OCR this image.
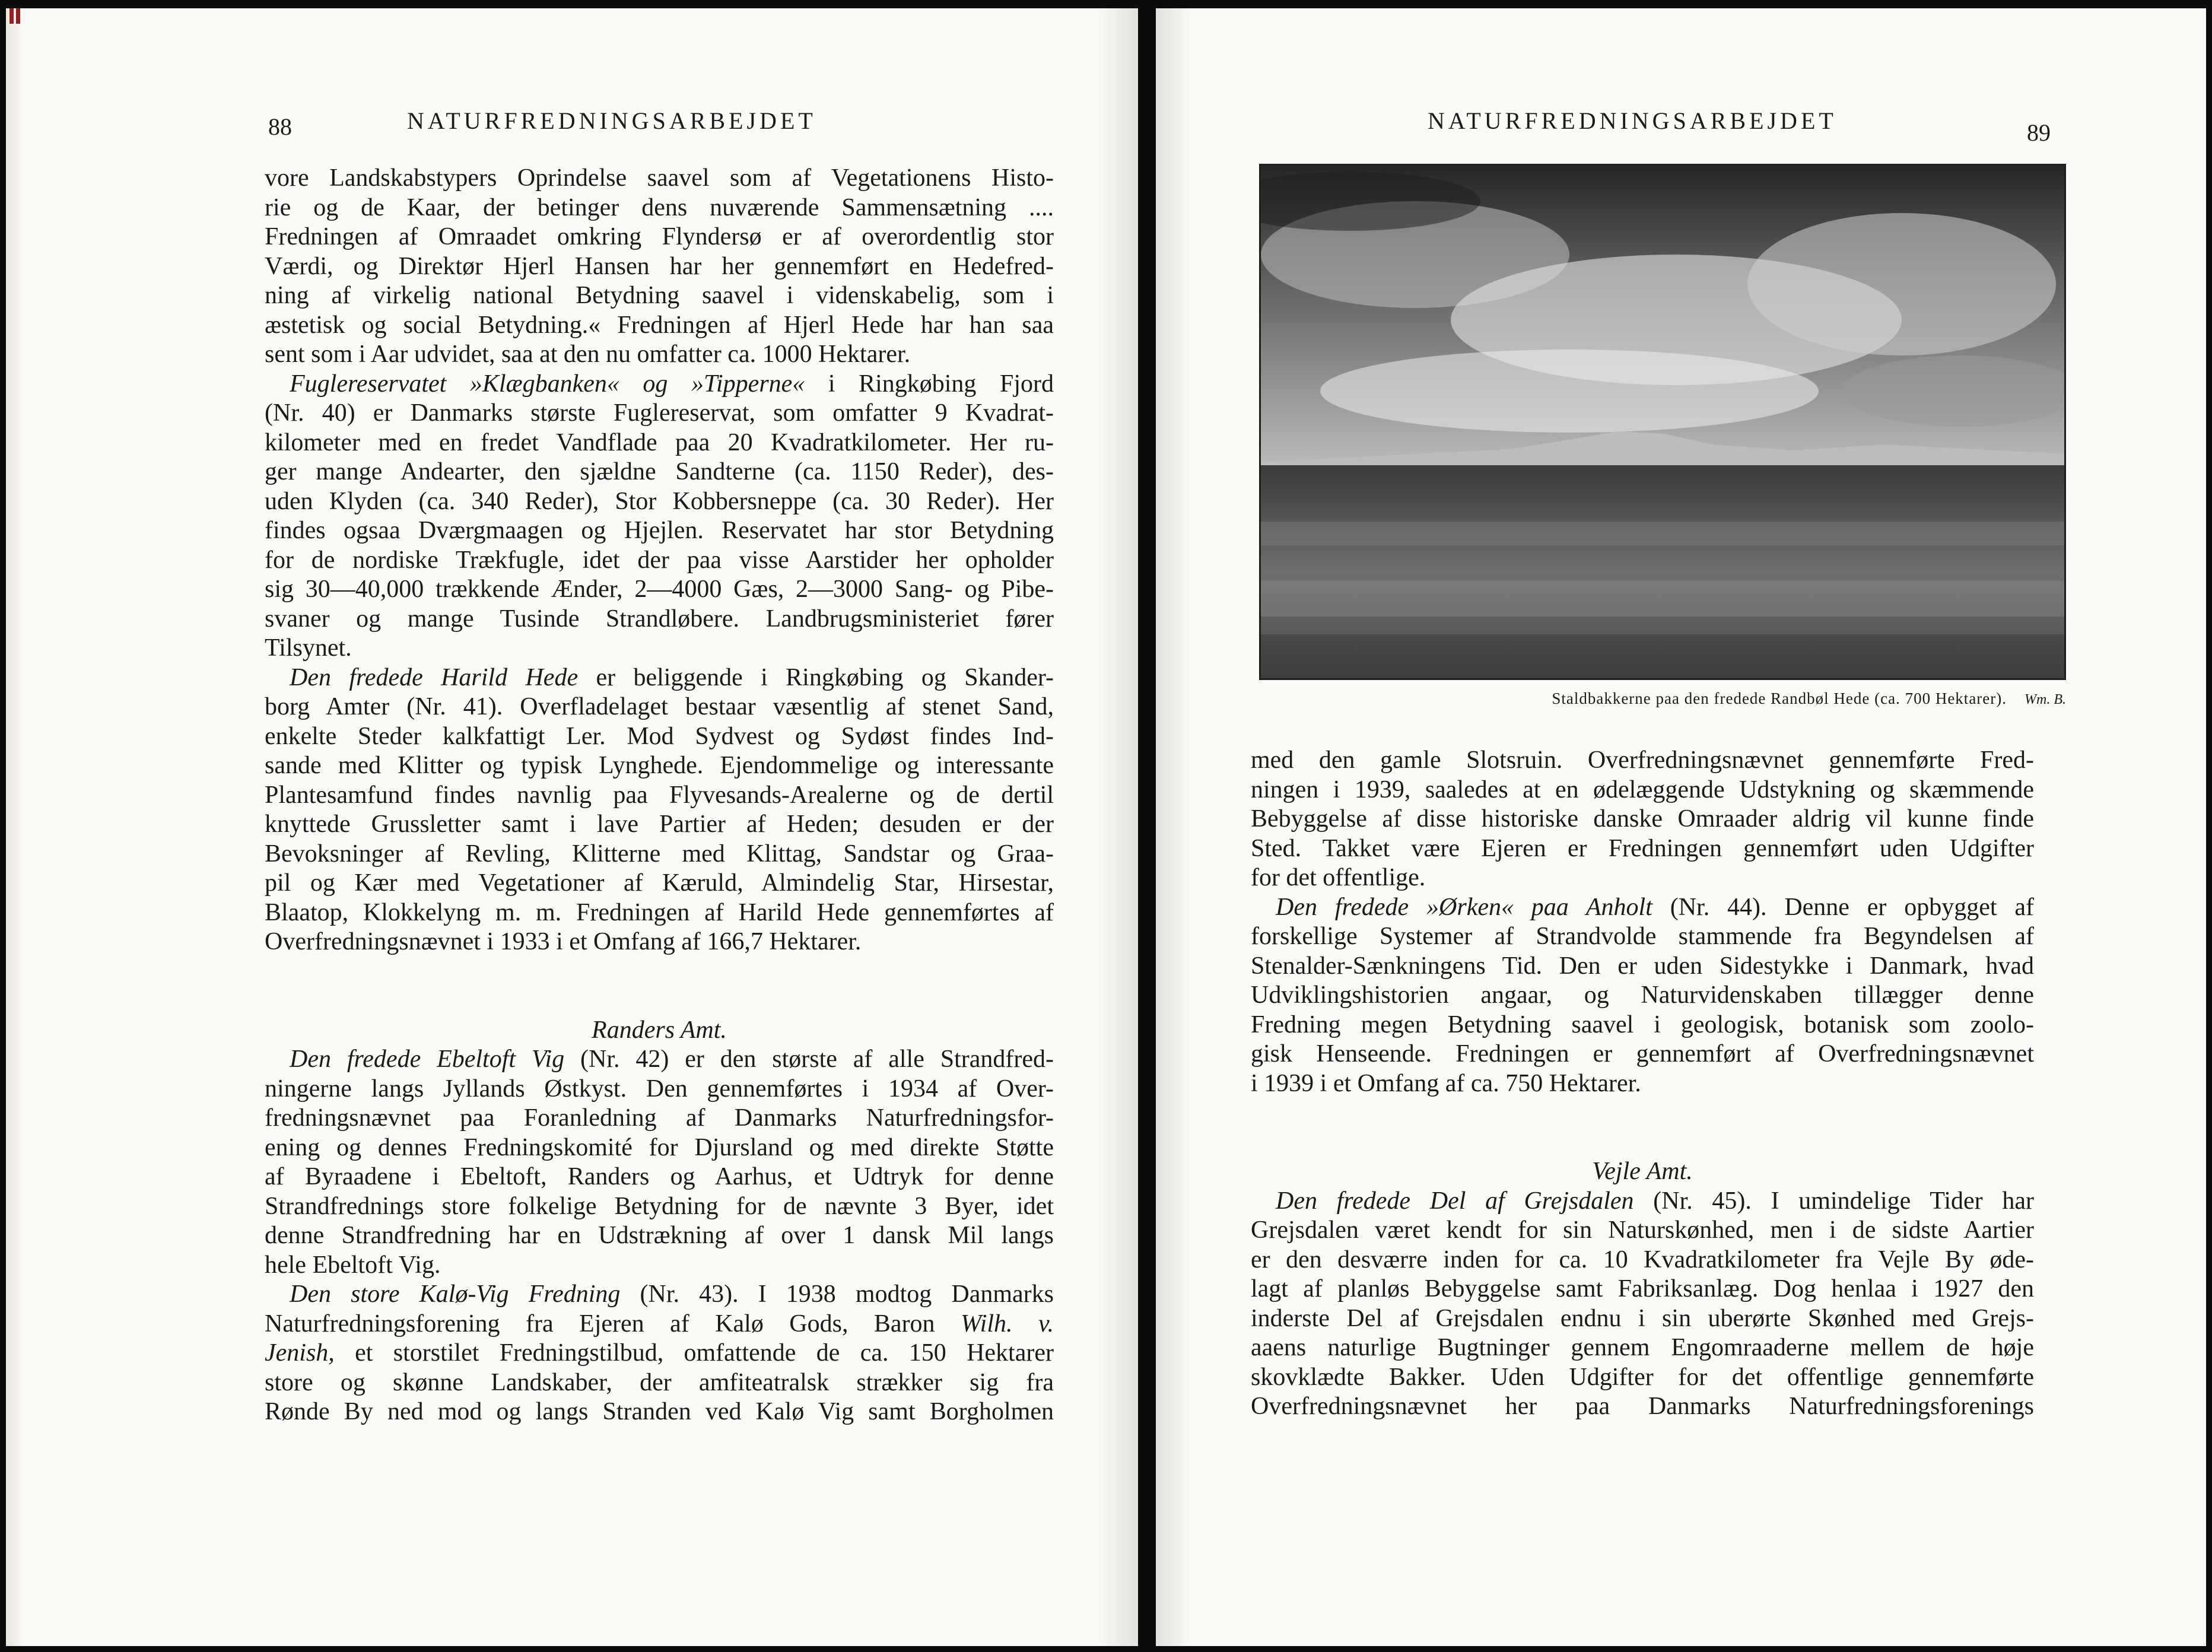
88	NATURFREDNINGSARBEJDET

vore Landskabstypers Oprindelse saavel som af Vegetationens Histo-

rie og de Kaar, der betinger dens nuværende Sammensætning ....

Fredningen af Omraadet omkring Flyndersø er af overordentlig stor

Værdi, og Direktør Hjerl Hansen har her gennemført en Hedefred-

ning af virkelig national Betydning saavel i videnskabelig, som i

æstetisk og social Betydning.« Fredningen af Hjerl Hede har han saa

sent som i Aar udvidet, saa at den nu omfatter ca. 1000 Hektarer.

Fuglereservatet »Klægbanken« og »Tipperne« i Ringkøbing Fjord

(Nr. 40) er Danmarks største Fuglereservat, som omfatter 9 Kvadrat-

kilometer med en fredet Vandflade paa 20 Kvadratkilometer. Her ru-

ger mange Andearter, den sjældne Sandterne (ca. 1150 Reder), des-

uden Klyden (ca. 340 Reder), Stor Kobbersneppe (ca. 30 Reder). Her

findes ogsaa Dværgmaagen og Hjejlen. Reservatet har stor Betydning

for de nordiske Trækfugle, idet der paa visse Aarstider her opholder

sig 30—40,000 trækkende Ænder, 2—4000 Gæs, 2—3000 Sang- og Pibe-

svaner og mange Tusinde Strandløbere. Landbrugsministeriet fører

Tilsynet.

Den fredede Harild Hede er beliggende i Ringkøbing og Skander-

borg Amter (Nr. 41). Overfladelaget bestaar væsentlig af stenet Sand,

enkelte Steder kalkfattigt Ler. Mod Sydvest og Sydøst findes Ind-

sande med Klitter og typisk Lynghede. Ejendommelige og interessante

Plantesamfund findes navnlig paa Flyvesands-Arealerne og de dertil

knyttede Grussletter samt i lave Partier af Heden; desuden er der

Bevoksninger af Revling, Klitterne med Klittag, Sandstar og Graa-

pil og Kær med Vegetationer af Kæruld, Almindelig Star, Hirsestar,

Blaatop, Klokkelyng m. m. Fredningen af Harild Hede gennemførtes af

Overfredningsnævnet i 1933 i et Omfang af 166,7 Hektarer.

Randers Amt.

Den fredede Ebeltoft Vig (Nr. 42) er den største af alle Strandfred-

ningerne langs Jyllands Østkyst. Den gennemførtes i 1934 af Over-

fredningsnævnet paa Foranledning af Danmarks Naturfredningsfor-

ening og dennes Fredningskomité for Djursland og med direkte Støtte

af Byraadene i Ebeltoft, Randers og Aarhus, et Udtryk for denne

Strandfrednings store folkelige Betydning for de nævnte 3 Byer, idet

denne Strandfredning har en Udstrækning af over 1 dansk Mil langs

hele Ebeltoft Vig.

Den store Kalø-Vig Fredning (Nr. 43). I 1938 modtog Danmarks

Naturfredningsforening fra Ejeren af Kalø Gods, Baron Wilh. v.

Jenish, et storstilet Fredningstilbud, omfattende de ca. 150 Hektarer

store og skønne Landskaber, der amfiteatralsk strækker sig fra

Rønde By ned mod og langs Stranden ved Kalø Vig samt Borgholmen

NATURFREDNINGSARBEJDET	89
Staldbakkerne paa den fredede Randbøl Hede (ca. 700 Hektarer). Wm. B.

med den gamle Slotsruin. Overfredningsnævnet gennemførte Fred-

ningen i 1939, saaledes at en ødelæggende Udstykning og skæmmende

Bebyggelse af disse historiske danske Omraader aldrig vil kunne finde

Sted. Takket være Ejeren er Fredningen gennemført uden Udgifter

for det offentlige.

Den fredede »Ørken« paa Anholt (Nr. 44). Denne er opbygget af

forskellige Systemer af Strandvolde stammende fra Begyndelsen af

Stenalder-Sænkningens Tid. Den er uden Sidestykke i Danmark, hvad

Udviklingshistorien angaar, og Naturvidenskaben tillægger denne

Fredning megen Betydning saavel i geologisk, botanisk som zoolo-

gisk Henseende. Fredningen er gennemført af Overfredningsnævnet

i 1939 i et Omfang af ca. 750 Hektarer.

Vejle Amt.

Den fredede Del af Grejsdalen (Nr. 45). I umindelige Tider har

Grejsdalen været kendt for sin Naturskønhed, men i de sidste Aartier

er den desværre inden for ca. 10 Kvadratkilometer fra Vejle By øde-

lagt af planløs Bebyggelse samt Fabriksanlæg. Dog henlaa i 1927 den

inderste Del af Grejsdalen endnu i sin uberørte Skønhed med Grejs-

aaens naturlige Bugtninger gennem Engomraaderne mellem de høje

skovklædte Bakker. Uden Udgifter for det offentlige gennemførte

Overfredningsnævnet her paa Danmarks Naturfredningsforenings
